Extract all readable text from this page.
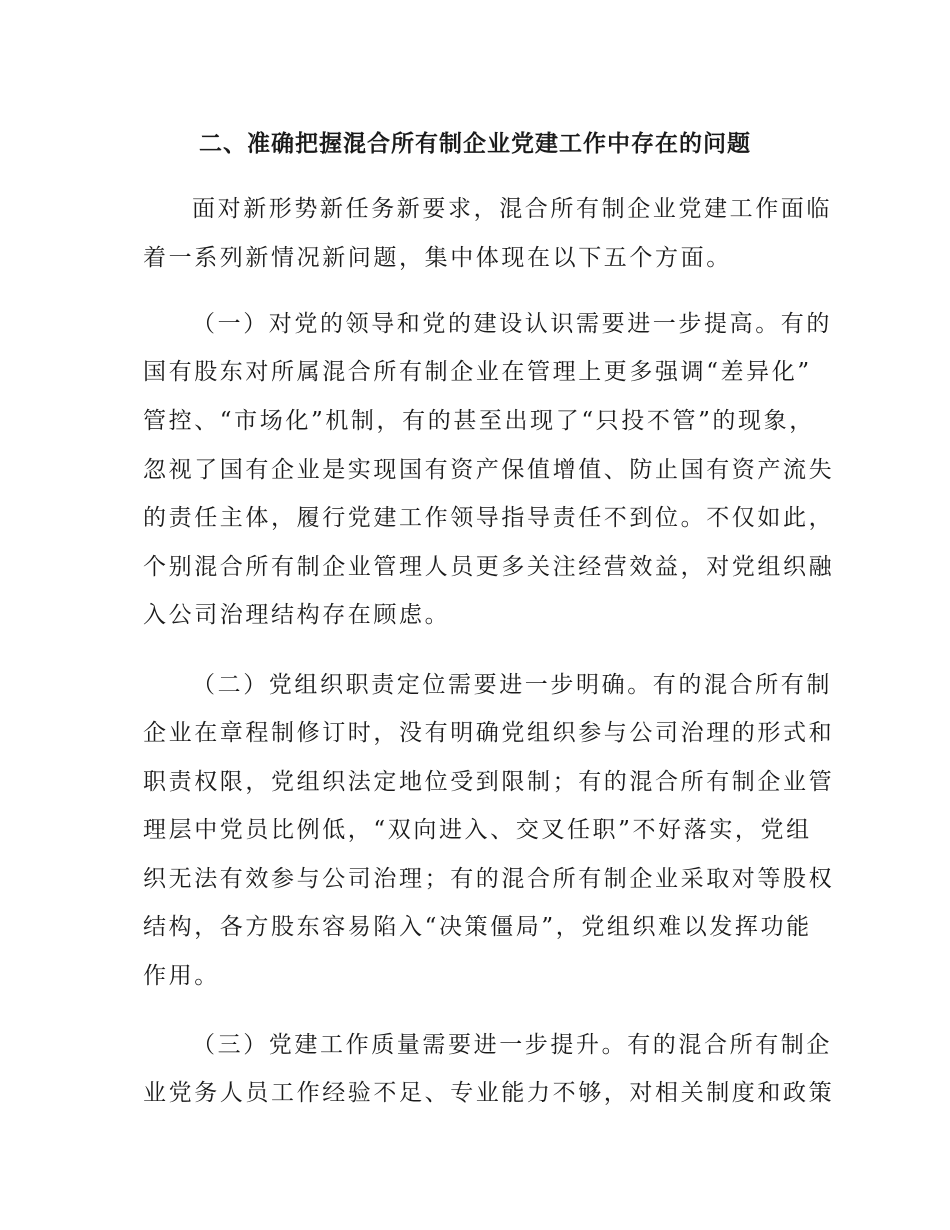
二、准确把握混合所有制企业党建工作中存在的问题
面对新形势新任务新要求，混合所有制企业党建工作面临
着一系列新情况新问题，集中体现在以下五个方面。
（一）对党的领导和党的建设认识需要进一步提高。有的
国有股东对所属混合所有制企业在管理上更多强调“差异化”
管控、“市场化”机制，有的甚至出现了“只投不管”的现象，
忽视了国有企业是实现国有资产保值增值、防止国有资产流失
的责任主体，履行党建工作领导指导责任不到位。不仅如此，
个别混合所有制企业管理人员更多关注经营效益，对党组织融
入公司治理结构存在顾虑。
（二）党组织职责定位需要进一步明确。有的混合所有制
企业在章程制修订时，没有明确党组织参与公司治理的形式和
职责权限，党组织法定地位受到限制；有的混合所有制企业管
理层中党员比例低，“双向进入、交叉任职”不好落实，党组
织无法有效参与公司治理；有的混合所有制企业采取对等股权
结构，各方股东容易陷入“决策僵局”，党组织难以发挥功能
作用。
（三）党建工作质量需要进一步提升。有的混合所有制企
业党务人员工作经验不足、专业能力不够，对相关制度和政策
